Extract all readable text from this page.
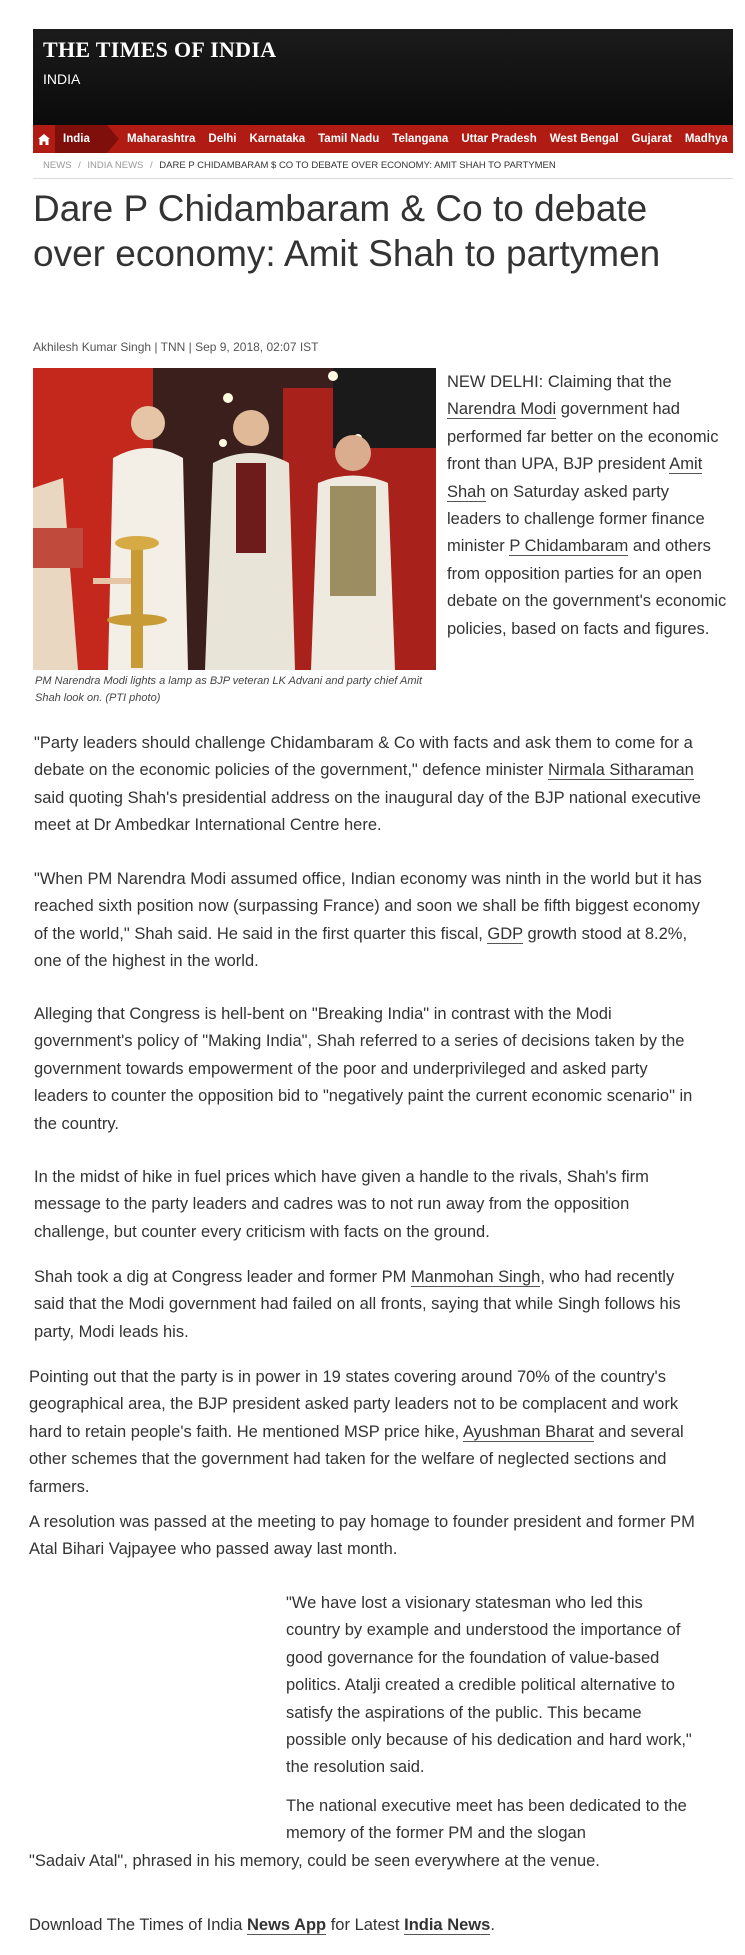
THE TIMES OF INDIA
INDIA
India	Maharashtra Delhi Karnataka Tamil Nadu Telangana Uttar Pradesh West Bengal Gujarat Madhya
NEWS / INDIA NEWS / DARE P CHIDAMBARAM $ CO TO DEBATE OVER ECONOMY: AMIT SHAH TO PARTYMEN
Dare P Chidambaram & Co to debate over economy: Amit Shah to partymen
Akhilesh Kumar Singh | TNN | Sep 9, 2018, 02:07 IST
PM Narendra Modi lights a lamp as BJP veteran LK Advani and party chief Amit Shah look on. (PTI photo)

NEW DELHI: Claiming that the Narendra Modi government had performed far better on the economic front than UPA, BJP president Amit Shah on Saturday asked party leaders to challenge former finance minister P Chidambaram and others from opposition parties for an open debate on the government's economic policies, based on facts and figures.

"Party leaders should challenge Chidambaram & Co with facts and ask them to come for a debate on the economic policies of the government," defence minister Nirmala Sitharaman said quoting Shah's presidential address on the inaugural day of the BJP national executive meet at Dr Ambedkar International Centre here.

"When PM Narendra Modi assumed office, Indian economy was ninth in the world but it has reached sixth position now (surpassing France) and soon we shall be fifth biggest economy of the world," Shah said. He said in the first quarter this fiscal, GDP growth stood at 8.2%, one of the highest in the world.

Alleging that Congress is hell-bent on "Breaking India" in contrast with the Modi government's policy of "Making India", Shah referred to a series of decisions taken by the government towards empowerment of the poor and underprivileged and asked party leaders to counter the opposition bid to "negatively paint the current economic scenario" in the country.

In the midst of hike in fuel prices which have given a handle to the rivals, Shah's firm message to the party leaders and cadres was to not run away from the opposition challenge, but counter every criticism with facts on the ground.

Shah took a dig at Congress leader and former PM Manmohan Singh, who had recently said that the Modi government had failed on all fronts, saying that while Singh follows his party, Modi leads his.

Pointing out that the party is in power in 19 states covering around 70% of the country's geographical area, the BJP president asked party leaders not to be complacent and work hard to retain people's faith. He mentioned MSP price hike, Ayushman Bharat and several other schemes that the government had taken for the welfare of neglected sections and farmers.

A resolution was passed at the meeting to pay homage to founder president and former PM Atal Bihari Vajpayee who passed away last month.

"We have lost a visionary statesman who led this country by example and understood the importance of good governance for the foundation of value-based politics. Atalji created a credible political alternative to satisfy the aspirations of the public. This became possible only because of his dedication and hard work," the resolution said.

The national executive meet has been dedicated to the memory of the former PM and the slogan

"Sadaiv Atal", phrased in his memory, could be seen everywhere at the venue.

Download The Times of India News App for Latest India News.
